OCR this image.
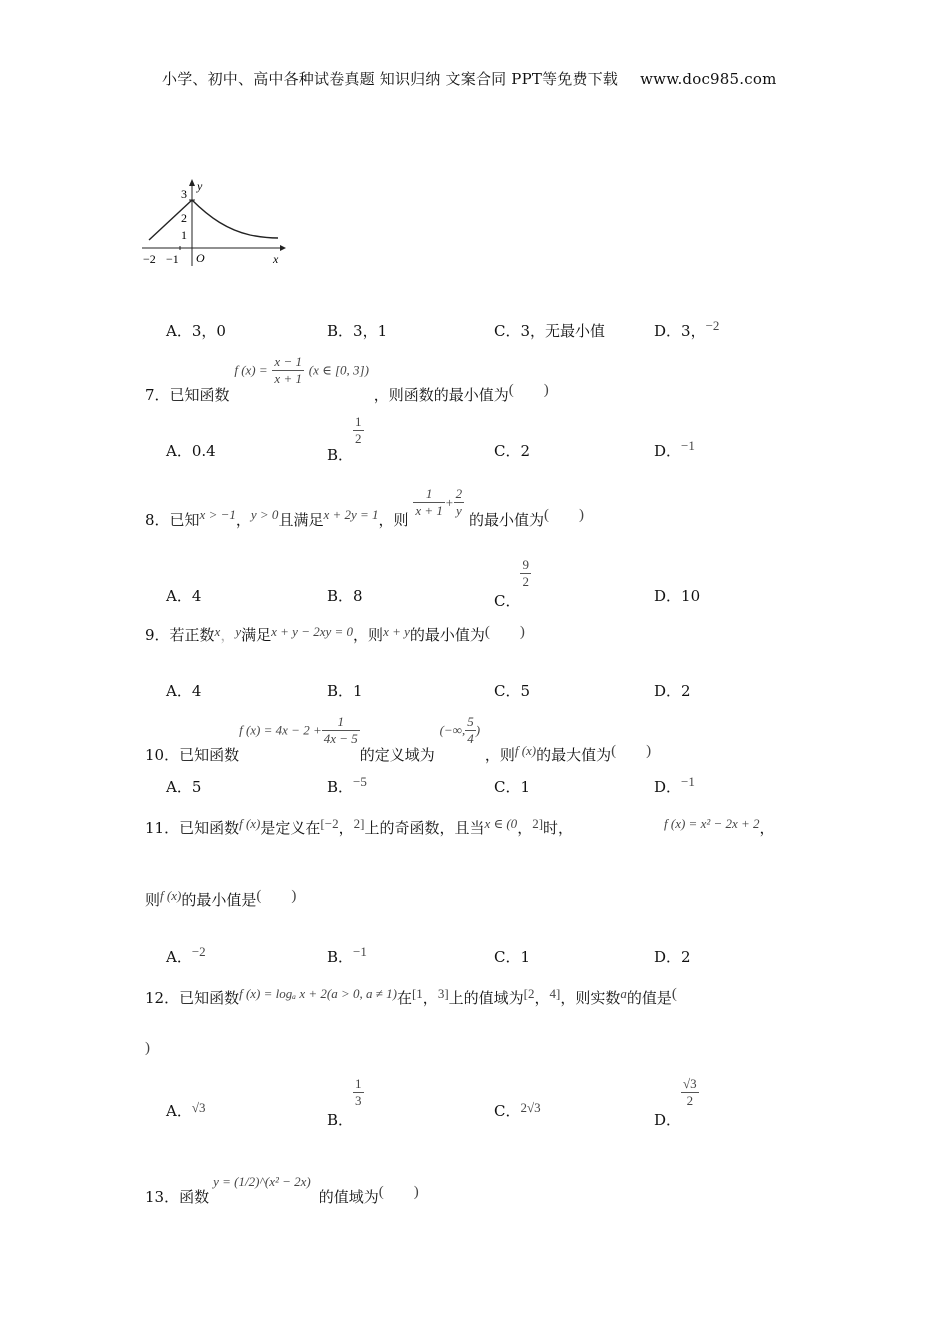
小学、初中、高中各种试卷真题 知识归纳 文案合同 PPT等免费下载 www.doc985.com
y
x
O
3
2
1
−2 −1
A．3，0	B．3，1	C．3，无最小值	D．3，−2
7．已知函数 f $(x) = \frac{x - 1}{x + 1} (x$ ∈ [0, 3]) ，则函数的最小值为(　　)
A．0.4	B．
$\frac{1}{2}$
C．2	D．−1
8．已知x > −1，y > 0且满足x + 2y = 1，则
$\frac{1}{x + 1} + \frac{2}{y}$
的最小值为(　　)
A．4	B．8	C．
$\frac{9}{2}$
D．10
9．若正数x，y满足x + y − 2xy = 0，则x + y的最小值为(　　)
A．4	B．1	C．5	D．2
10．已知函数f $(x) = 4x - 2 + \frac{1}{4x - 5}$
的定义域为 (−∞, $\frac{5}{4}$ ) ，则f (x)的最大值为(　　)
A．5	B．−5	C．1	D．−1
11．已知函数f (x)是定义在[−2，2]上的奇函数，且当x ∈ (0，2]时，	f (x) = x² − 2x + 2，
则f (x)的最小值是(　　)
A．−2	B．−1	C．1	D．2
12．已知函数f (x) = logₐ x + 2(a > 0, a ≠ 1)在[1，3]上的值域为[2，4]，则实数a的值是(
)
A．√3
B．
$\frac{1}{3}$
C．2√3
D．
$\frac{√3}{2}$
13．函数y = (1/2)^(x² − 2x)的值域为(　　)
